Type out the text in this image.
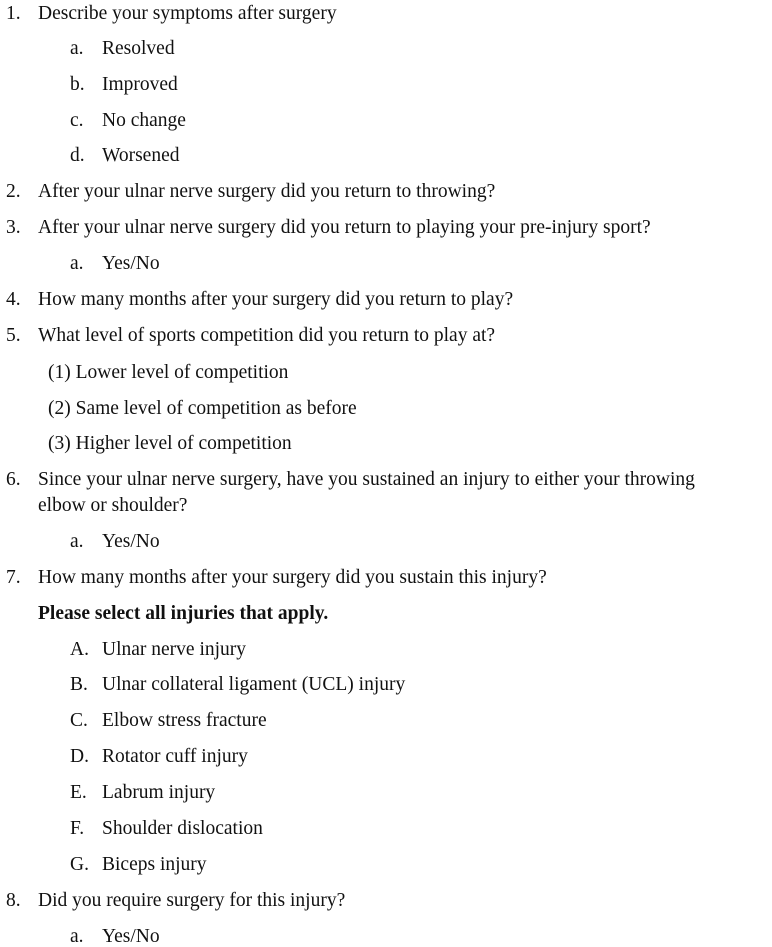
1. Describe your symptoms after surgery
a. Resolved
b. Improved
c. No change
d. Worsened
2. After your ulnar nerve surgery did you return to throwing?
3. After your ulnar nerve surgery did you return to playing your pre-injury sport?
a. Yes/No
4. How many months after your surgery did you return to play?
5. What level of sports competition did you return to play at?
(1) Lower level of competition
(2) Same level of competition as before
(3) Higher level of competition
6. Since your ulnar nerve surgery, have you sustained an injury to either your throwing
elbow or shoulder?
a. Yes/No
7. How many months after your surgery did you sustain this injury?
Please select all injuries that apply.
A. Ulnar nerve injury
B. Ulnar collateral ligament (UCL) injury
C. Elbow stress fracture
D. Rotator cuff injury
E. Labrum injury
F. Shoulder dislocation
G. Biceps injury
8. Did you require surgery for this injury?
a. Yes/No
